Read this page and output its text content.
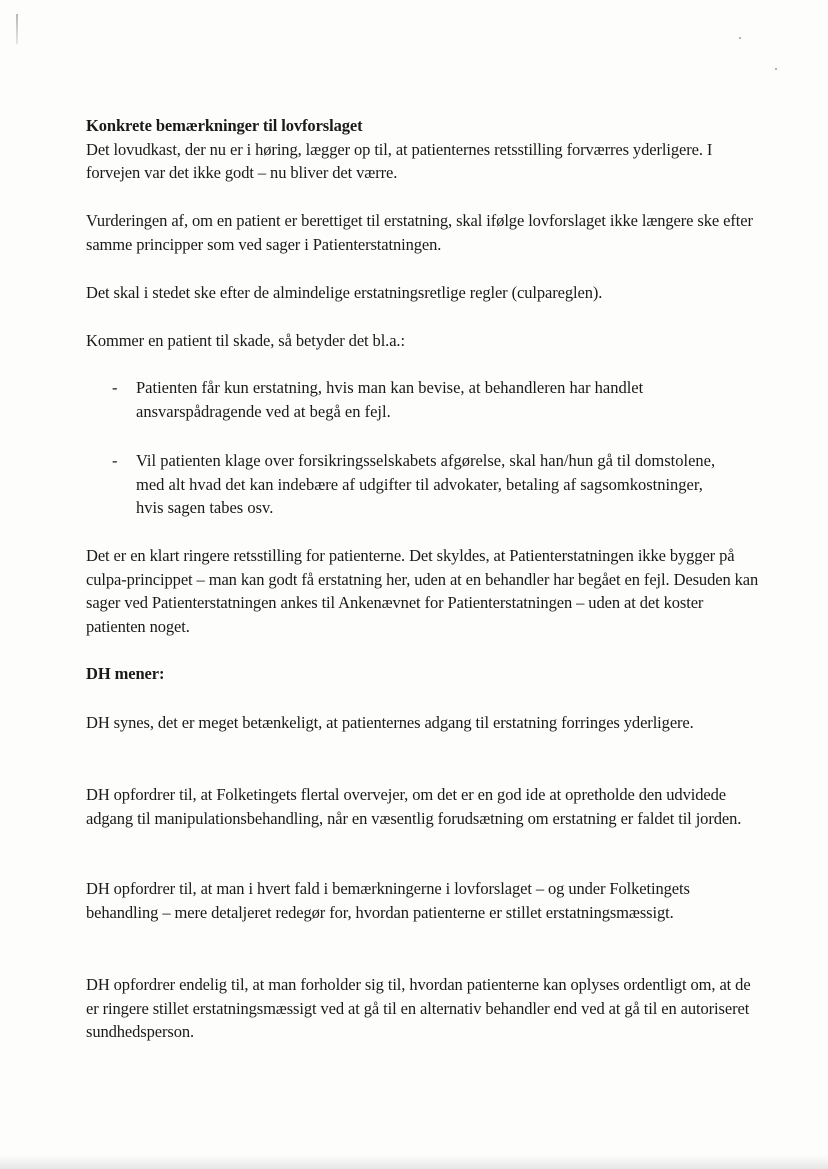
Konkrete bemærkninger til lovforslaget

Det lovudkast, der nu er i høring, lægger op til, at patienternes retsstilling forværres yderligere. I forvejen var det ikke godt – nu bliver det værre.

Vurderingen af, om en patient er berettiget til erstatning, skal ifølge lovforslaget ikke længere ske efter samme principper som ved sager i Patienterstatningen.

Det skal i stedet ske efter de almindelige erstatningsretlige regler (culpareglen).

Kommer en patient til skade, så betyder det bl.a.:

- Patienten får kun erstatning, hvis man kan bevise, at behandleren har handlet ansvarspådragende ved at begå en fejl.
- Vil patienten klage over forsikringsselskabets afgørelse, skal han/hun gå til domstolene, med alt hvad det kan indebære af udgifter til advokater, betaling af sagsomkostninger, hvis sagen tabes osv.

Det er en klart ringere retsstilling for patienterne. Det skyldes, at Patienterstatningen ikke bygger på culpa-princippet – man kan godt få erstatning her, uden at en behandler har begået en fejl. Desuden kan sager ved Patienterstatningen ankes til Ankenævnet for Patienterstatningen – uden at det koster patienten noget.

DH mener:

DH synes, det er meget betænkeligt, at patienternes adgang til erstatning forringes yderligere.

DH opfordrer til, at Folketingets flertal overvejer, om det er en god ide at opretholde den udvidede adgang til manipulationsbehandling, når en væsentlig forudsætning om erstatning er faldet til jorden.

DH opfordrer til, at man i hvert fald i bemærkningerne i lovforslaget – og under Folketingets behandling – mere detaljeret redegør for, hvordan patienterne er stillet erstatningsmæssigt.

DH opfordrer endelig til, at man forholder sig til, hvordan patienterne kan oplyses ordentligt om, at de er ringere stillet erstatningsmæssigt ved at gå til en alternativ behandler end ved at gå til en autoriseret sundhedsperson.
